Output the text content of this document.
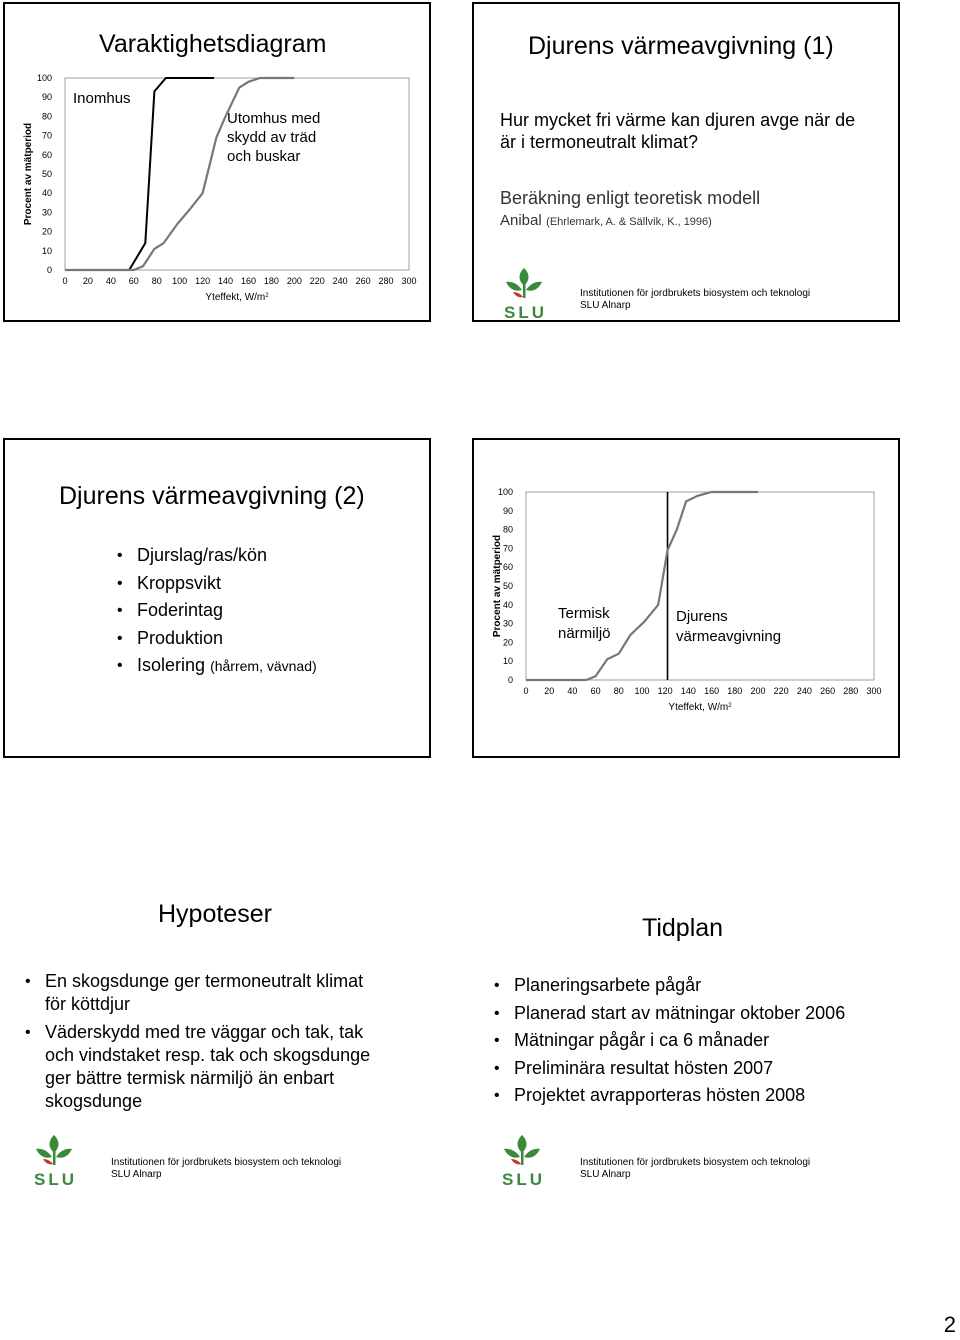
Varaktighetsdiagram
0
10
20
30
40
50
60
70
80
90
100
0 20 40 60 80 100 120 140 160 180 200 220 240 260 280 300
Yteffekt, $W/m^2$
Procent av mätperiod
Inomhus
Utomhus med
skydd av träd
och buskar
Djurens värmeavgivning (1)
Hur mycket fri värme kan djuren avge när de
är i termoneutralt klimat?
Beräkning enligt teoretisk modell
Anibal (Ehrlemark, A. & Sällvik, K., 1996)
SLU
Institutionen för jordbrukets biosystem och teknologi
SLU Alnarp
Djurens värmeavgivning (2)
• Djurslag/ras/kön
• Kroppsvikt
• Foderintag
• Produktion
• Isolering (hårrem, vävnad)
0
10
20
30
40
50
60
70
80
90
100
0 20 40 60 80 100 120 140 160 180 200 220 240 260 280 300
Yteffekt, $W/m^2$
Procent av mätperiod	Termisk
närmiljö
Djurens
värmeavgivning
Hypoteser
• En skogsdunge ger termoneutralt klimat
för köttdjur
• Väderskydd med tre väggar och tak, tak
och vindstaket resp. tak och skogsdunge
ger bättre termisk närmiljö än enbart
skogsdunge
Tidplan
• Planeringsarbete pågår
• Planerad start av mätningar oktober 2006
• Mätningar pågår i ca 6 månader
• Preliminära resultat hösten 2007
• Projektet avrapporteras hösten 2008
SLU
Institutionen för jordbrukets biosystem och teknologi
SLU Alnarp	SLU
Institutionen för jordbrukets biosystem och teknologi
SLU Alnarp
2
